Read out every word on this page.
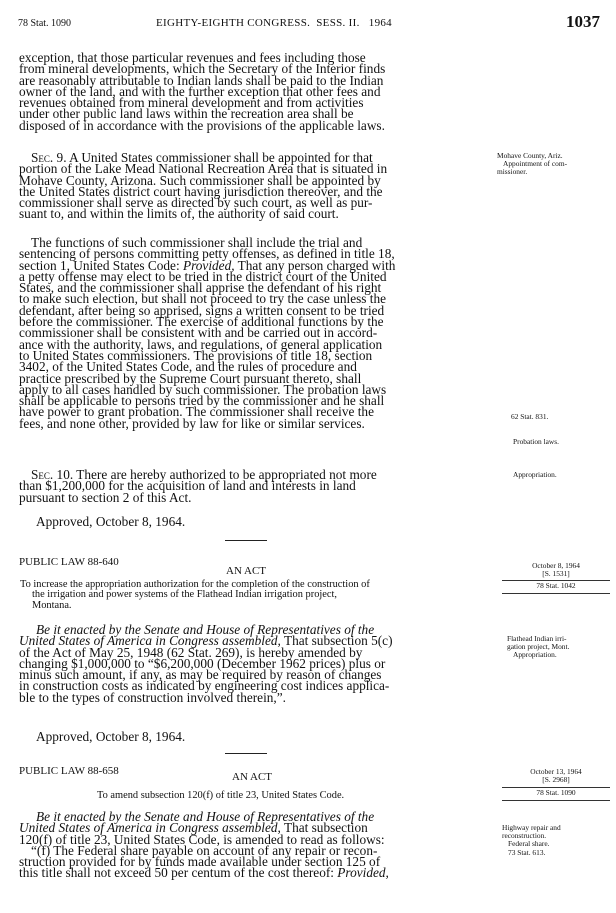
78 Stat. 1090	EIGHTY-EIGHTH CONGRESS.  SESS. II.   1964	1037

exception, that those particular revenues and fees including those

from mineral developments, which the Secretary of the Interior finds

are reasonably attributable to Indian lands shall be paid to the Indian

owner of the land, and with the further exception that other fees and

revenues obtained from mineral development and from activities

under other public land laws within the recreation area shall be

disposed of in accordance with the provisions of the applicable laws.

Sec. 9. A United States commissioner shall be appointed for that

portion of the Lake Mead National Recreation Area that is situated in

Mohave County, Arizona. Such commissioner shall be appointed by

the United States district court having jurisdiction thereover, and the

commissioner shall serve as directed by such court, as well as pur-

suant to, and within the limits of, the authority of said court.

The functions of such commissioner shall include the trial and

sentencing of persons committing petty offenses, as defined in title 18,

section 1, United States Code: Provided, That any person charged with

a petty offense may elect to be tried in the district court of the United

States, and the commissioner shall apprise the defendant of his right

to make such election, but shall not proceed to try the case unless the

defendant, after being so apprised, signs a written consent to be tried

before the commissioner. The exercise of additional functions by the

commissioner shall be consistent with and be carried out in accord-

ance with the authority, laws, and regulations, of general application

to United States commissioners. The provisions of title 18, section

3402, of the United States Code, and the rules of procedure and

practice prescribed by the Supreme Court pursuant thereto, shall

apply to all cases handled by such commissioner. The probation laws

shall be applicable to persons tried by the commissioner and he shall

have power to grant probation. The commissioner shall receive the

fees, and none other, provided by law for like or similar services.

Sec. 10. There are hereby authorized to be appropriated not more

than $1,200,000 for the acquisition of land and interests in land

pursuant to section 2 of this Act.

Approved, October 8, 1964.
PUBLIC LAW 88-640
AN ACT
To increase the appropriation authorization for the completion of the construction of
the irrigation and power systems of the Flathead Indian irrigation project,
Montana.

Be it enacted by the Senate and House of Representatives of the

United States of America in Congress assembled, That subsection 5(c)

of the Act of May 25, 1948 (62 Stat. 269), is hereby amended by

changing $1,000,000 to “$6,200,000 (December 1962 prices) plus or

minus such amount, if any, as may be required by reason of changes

in construction costs as indicated by engineering cost indices applica-

ble to the types of construction involved therein,”.

Approved, October 8, 1964.
PUBLIC LAW 88-658	AN ACT
To amend subsection 120(f) of title 23, United States Code.

Be it enacted by the Senate and House of Representatives of the

United States of America in Congress assembled, That subsection

120(f) of title 23, United States Code, is amended to read as follows:

“(f) The Federal share payable on account of any repair or recon-

struction provided for by funds made available under section 125 of

this title shall not exceed 50 per centum of the cost thereof: Provided,

Mohave County, Ariz.
Appointment of com-
missioner.
62 Stat. 831.
Probation laws.
Appropriation.
October 8, 1964
[S. 1531]
78 Stat. 1042
Flathead Indian irri-
gation project, Mont.
Appropriation.
October 13, 1964
[S. 2968]
78 Stat. 1090
Highway repair and
reconstruction.
Federal share.
73 Stat. 613.
